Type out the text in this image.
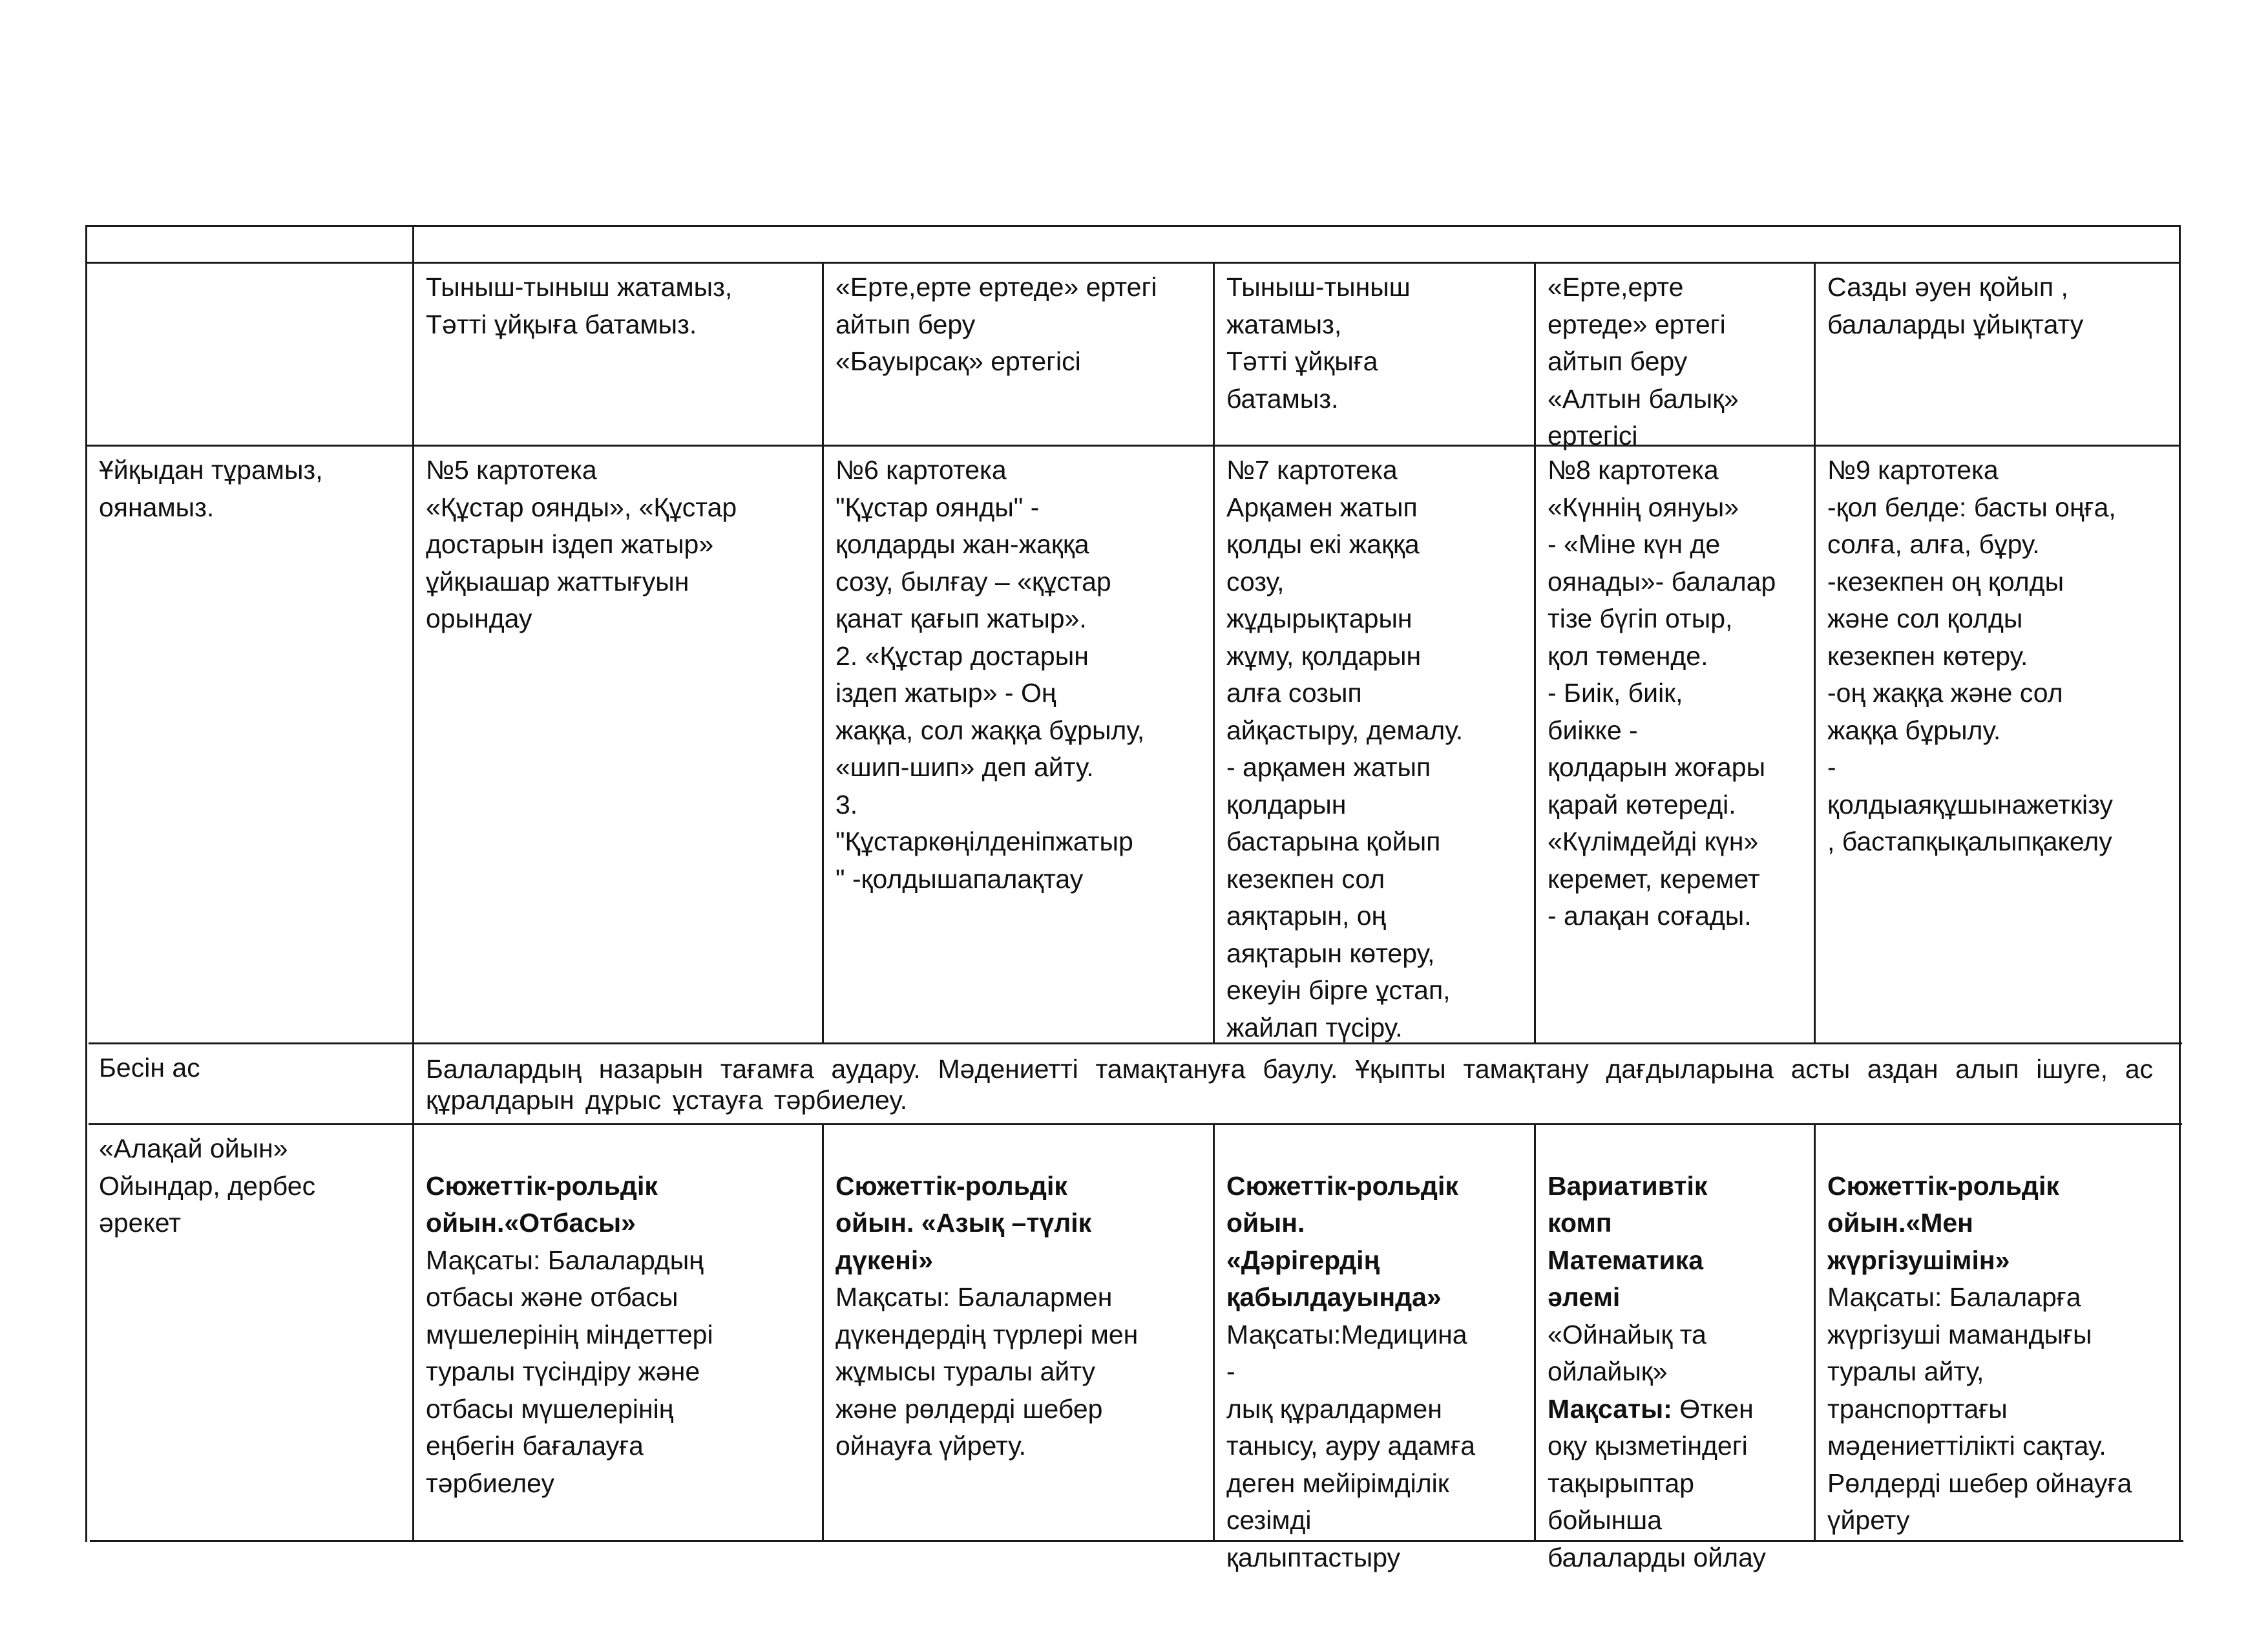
Тыныш-тыныш жатамыз,
Тәтті ұйқыға батамыз.
«Ерте,ерте ертеде» ертегі
айтып беру
«Бауырсақ» ертегісі
Тыныш-тыныш
жатамыз,
Тәтті ұйқыға
батамыз.
«Ерте,ерте
ертеде» ертегі
айтып беру
«Алтын балық»
ертегісі
Сазды әуен қойып ,
балаларды ұйықтату
Ұйқыдан тұрамыз,
оянамыз.
№5 картотека
«Құстар оянды», «Құстар
достарын іздеп жатыр»
ұйқыашар жаттығуын
орындау
№6 картотека
"Құстар оянды" -
қолдарды жан-жаққа
созу, былғау – «құстар
қанат қағып жатыр».
2. «Құстар достарын
іздеп жатыр» - Оң
жаққа, сол жаққа бұрылу,
«шип-шип» деп айту.
3.
"Құстаркөңілденіпжатыр
" -қолдышапалақтау
№7 картотека
Арқамен жатып
қолды екі жаққа
созу,
жұдырықтарын
жұму, қолдарын
алға созып
айқастыру, демалу.
- арқамен жатып
қолдарын
бастарына қойып
кезекпен сол
аяқтарын, оң
аяқтарын көтеру,
екеуін бірге ұстап,
жайлап түсіру.
№8 картотека
«Күннің оянуы»
- «Міне күн де
оянады»- балалар
тізе бүгіп отыр,
қол төменде.
- Биік, биік,
биікке -
қолдарын жоғары
қарай көтереді.
«Күлімдейді күн»
керемет, керемет
- алақан соғады.
№9 картотека
-қол белде: басты оңға,
солға, алға, бұру.
-кезекпен оң қолды
және сол қолды
кезекпен көтеру.
-оң жаққа және сол
жаққа бұрылу.
-
қолдыаяқұшынажеткізу
, бастапқықалыпқакелу
Бесін ас	Балалардың назарын тағамға аудару. Мәдениетті тамақтануға баулу. Ұқыпты тамақтану дағдыларына асты аздан алып ішуге, ас құралдарын дұрыс ұстауға тәрбиелеу.
«Алақай ойын»
Ойындар, дербес
әрекет

Сюжеттік-рольдік
ойын.«Отбасы»
Мақсаты: Балалардың
отбасы және отбасы
мүшелерінің міндеттері
туралы түсіндіру және
отбасы мүшелерінің
еңбегін бағалауға
тәрбиелеу

Сюжеттік-рольдік
ойын. «Азық –түлік
дүкені»
Мақсаты: Балалармен
дүкендердің түрлері мен
жұмысы туралы айту
және рөлдерді шебер
ойнауға үйрету.

Сюжеттік-рольдік
ойын.
«Дәрігердің
қабылдауында»
Мақсаты:Медицина
-
лық құралдармен
танысу, ауру адамға
деген мейірімділік
сезімді
қалыптастыру

Вариативтік
комп
Математика
әлемі
«Ойнайық та
ойлайық»
Мақсаты: Өткен
оқу қызметіндегі
тақырыптар
бойынша
балаларды ойлау

Сюжеттік-рольдік
ойын.«Мен
жүргізушімін»
Мақсаты: Балаларға
жүргізуші мамандығы
туралы айту,
транспорттағы
мәдениеттілікті сақтау.
Рөлдерді шебер ойнауға
үйрету
